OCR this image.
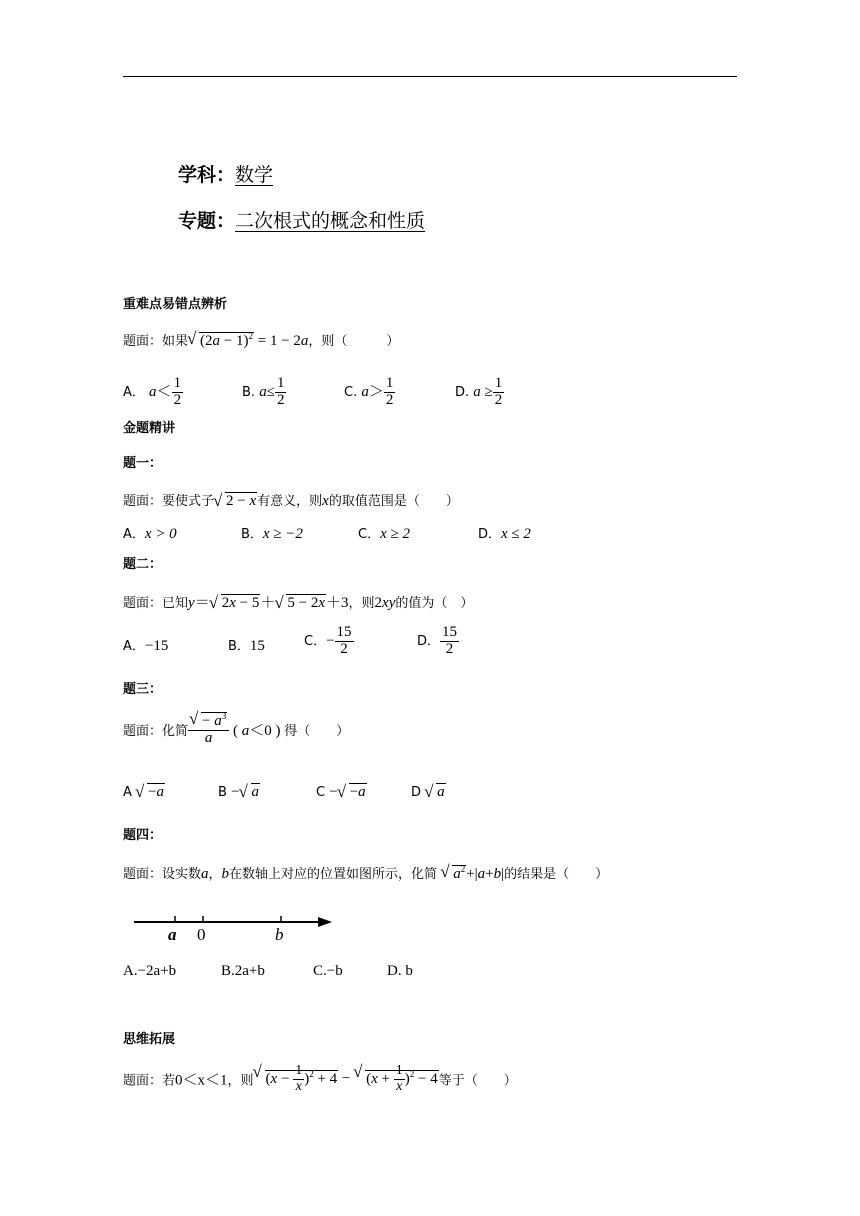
学科：数学
专题：二次根式的概念和性质
重难点易错点辨析
题面：如果 √ $(2a - 1)^2 = 1 - 2a$，则（　　　）
A． $a< \frac{1}{2}$	B. $a\le \frac{1}{2}$	C. $a> \frac{1}{2}$	D. $a \ge \frac{1}{2}$
金题精讲
题一：
题面：要使式子 √ 2 − x有意义，则x的取值范围是（　　）
A．x > 0	B．x ≥ −2	C．x ≥ 2	D．x ≤ 2
题二：
题面：已知y＝ √ 2x − 5＋ √ 5 − 2x＋3，则2xy的值为（　）
A．−15	B．15	C．− $\frac{15}{2}$	D． $\frac{15}{2}$
题三：
题面：化简 √ $\frac{- a^3}{a}$ ( a＜0 ) 得（　　）
A √ −a	B − √ a	C − √ −a	D √ a
题四：
题面：设实数a，b在数轴上对应的位置如图所示，化简 √ $a^2+|a+b|$的结果是（　　）
a 0	b
A.−2a+b	B.2a+b	C.−b	D. b
思维拓展
题面：若0＜x＜1，则 √ $(x - \frac{1}{x} )^2 + 4$ − √ $(x + \frac{1}{x} )^2 - 4$等于（　　）
